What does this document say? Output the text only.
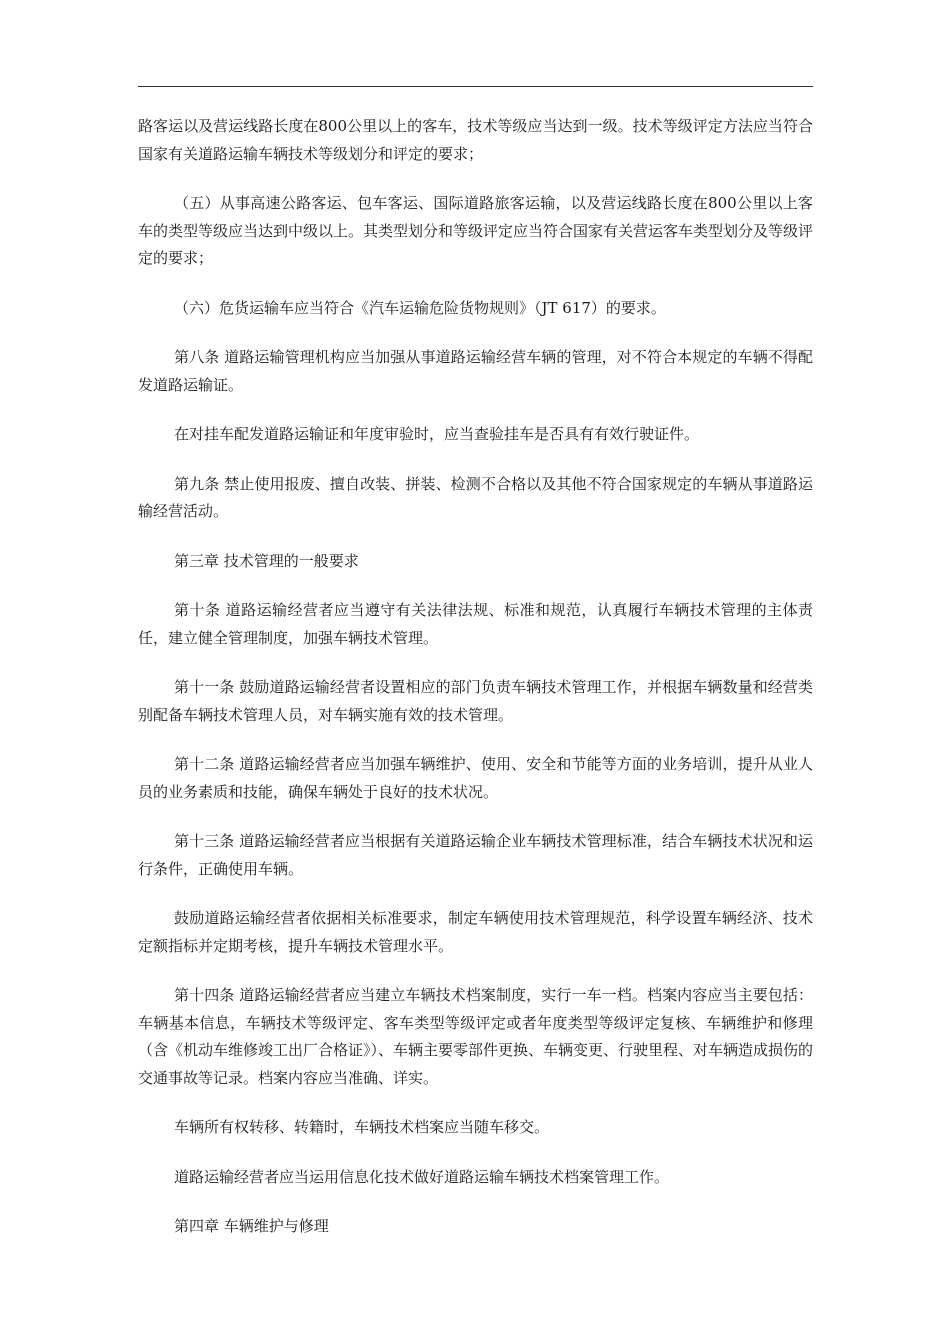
路客运以及营运线路长度在800公里以上的客车，技术等级应当达到一级。技术等级评定方法应当符合国家有关道路运输车辆技术等级划分和评定的要求；

（五）从事高速公路客运、包车客运、国际道路旅客运输，以及营运线路长度在800公里以上客车的类型等级应当达到中级以上。其类型划分和等级评定应当符合国家有关营运客车类型划分及等级评定的要求；

（六）危货运输车应当符合《汽车运输危险货物规则》（JT 617）的要求。

第八条 道路运输管理机构应当加强从事道路运输经营车辆的管理，对不符合本规定的车辆不得配发道路运输证。

在对挂车配发道路运输证和年度审验时，应当查验挂车是否具有有效行驶证件。

第九条 禁止使用报废、擅自改装、拼装、检测不合格以及其他不符合国家规定的车辆从事道路运输经营活动。

第三章 技术管理的一般要求

第十条 道路运输经营者应当遵守有关法律法规、标准和规范，认真履行车辆技术管理的主体责任，建立健全管理制度，加强车辆技术管理。

第十一条 鼓励道路运输经营者设置相应的部门负责车辆技术管理工作，并根据车辆数量和经营类别配备车辆技术管理人员，对车辆实施有效的技术管理。

第十二条 道路运输经营者应当加强车辆维护、使用、安全和节能等方面的业务培训，提升从业人员的业务素质和技能，确保车辆处于良好的技术状况。

第十三条 道路运输经营者应当根据有关道路运输企业车辆技术管理标准，结合车辆技术状况和运行条件，正确使用车辆。

鼓励道路运输经营者依据相关标准要求，制定车辆使用技术管理规范，科学设置车辆经济、技术定额指标并定期考核，提升车辆技术管理水平。

第十四条 道路运输经营者应当建立车辆技术档案制度，实行一车一档。档案内容应当主要包括：车辆基本信息，车辆技术等级评定、客车类型等级评定或者年度类型等级评定复核、车辆维护和修理（含《机动车维修竣工出厂合格证》）、车辆主要零部件更换、车辆变更、行驶里程、对车辆造成损伤的交通事故等记录。档案内容应当准确、详实。

车辆所有权转移、转籍时，车辆技术档案应当随车移交。

道路运输经营者应当运用信息化技术做好道路运输车辆技术档案管理工作。

第四章 车辆维护与修理
